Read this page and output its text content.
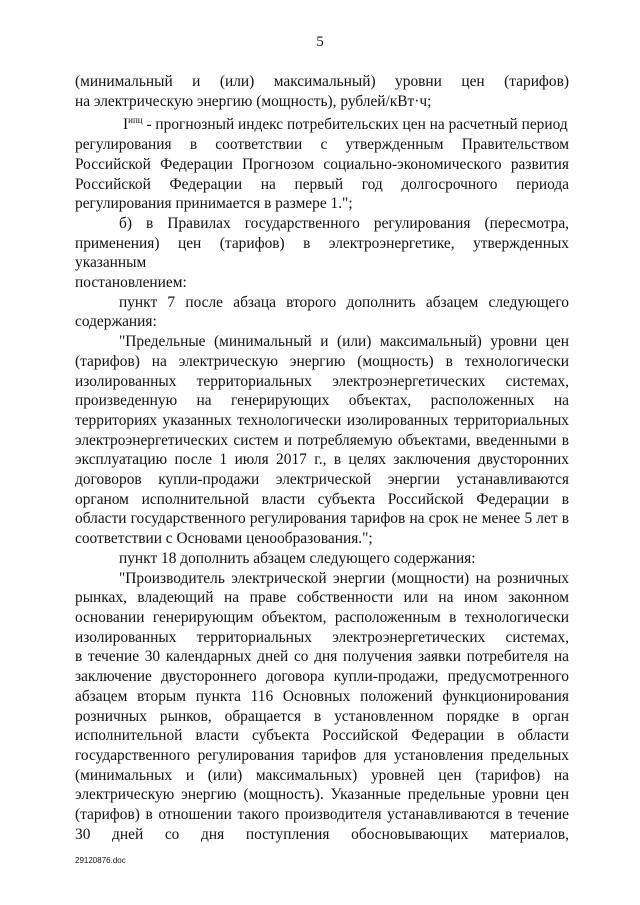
5
(минимальный и (или) максимальный) уровни цен (тарифов)
на электрическую энергию (мощность), рублей/кВт·ч;
$I^{ипц}$ - прогнозный индекс потребительских цен на расчетный период
регулирования в соответствии с утвержденным Правительством
Российской Федерации Прогнозом социально-экономического развития
Российской Федерации на первый год долгосрочного периода
регулирования принимается в размере 1.";
б) в Правилах государственного регулирования (пересмотра,
применения) цен (тарифов) в электроэнергетике, утвержденных указанным
постановлением:
пункт 7 после абзаца второго дополнить абзацем следующего
содержания:
"Предельные (минимальный и (или) максимальный) уровни цен
(тарифов) на электрическую энергию (мощность) в технологически
изолированных территориальных электроэнергетических системах,
произведенную на генерирующих объектах, расположенных на
территориях указанных технологически изолированных территориальных
электроэнергетических систем и потребляемую объектами, введенными в
эксплуатацию после 1 июля 2017 г., в целях заключения двусторонних
договоров купли-продажи электрической энергии устанавливаются
органом исполнительной власти субъекта Российской Федерации в
области государственного регулирования тарифов на срок не менее 5 лет в
соответствии с Основами ценообразования.";
пункт 18 дополнить абзацем следующего содержания:
"Производитель электрической энергии (мощности) на розничных
рынках, владеющий на праве собственности или на ином законном
основании генерирующим объектом, расположенным в технологически
изолированных территориальных электроэнергетических системах,
в течение 30 календарных дней со дня получения заявки потребителя на
заключение двустороннего договора купли-продажи, предусмотренного
абзацем вторым пункта 116 Основных положений функционирования
розничных рынков, обращается в установленном порядке в орган
исполнительной власти субъекта Российской Федерации в области
государственного регулирования тарифов для установления предельных
(минимальных и (или) максимальных) уровней цен (тарифов) на
электрическую энергию (мощность). Указанные предельные уровни цен
(тарифов) в отношении такого производителя устанавливаются в течение
30 дней со дня поступления обосновывающих материалов,
29120876.doc
